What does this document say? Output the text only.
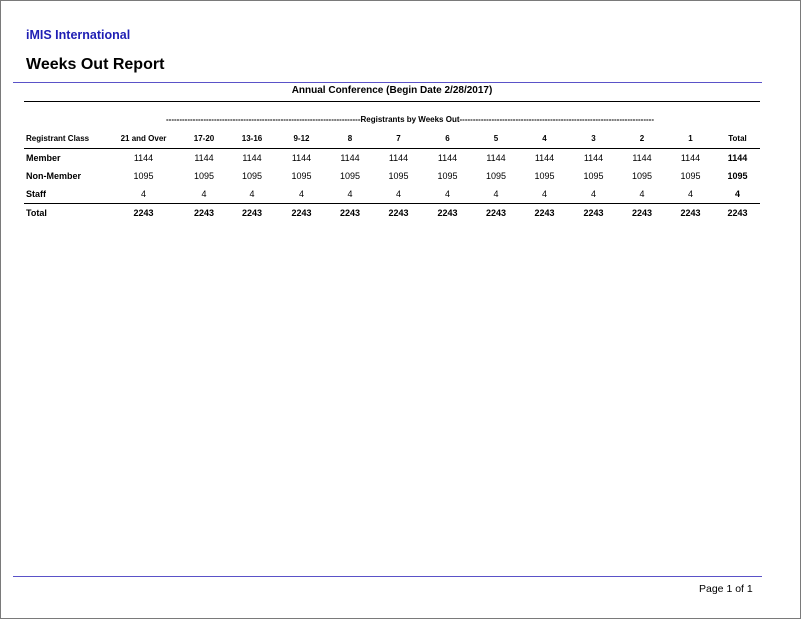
iMIS International
Weeks Out Report
Annual Conference (Begin Date 2/28/2017)
-------------------------------------------------------------------------Registrants by Weeks Out-------------------------------------------------------------------------
Registrant Class	21 and Over	17-20	13-16	9-12	8	7	6	5	4	3	2	1	Total
Member	1144	1144	1144	1144	1144	1144	1144	1144	1144	1144	1144	1144	1144
Non-Member	1095	1095	1095	1095	1095	1095	1095	1095	1095	1095	1095	1095	1095
Staff	4	4	4	4	4	4	4	4	4	4	4	4	4
Total	2243	2243	2243	2243	2243	2243	2243	2243	2243	2243	2243	2243	2243
Page 1 of 1
